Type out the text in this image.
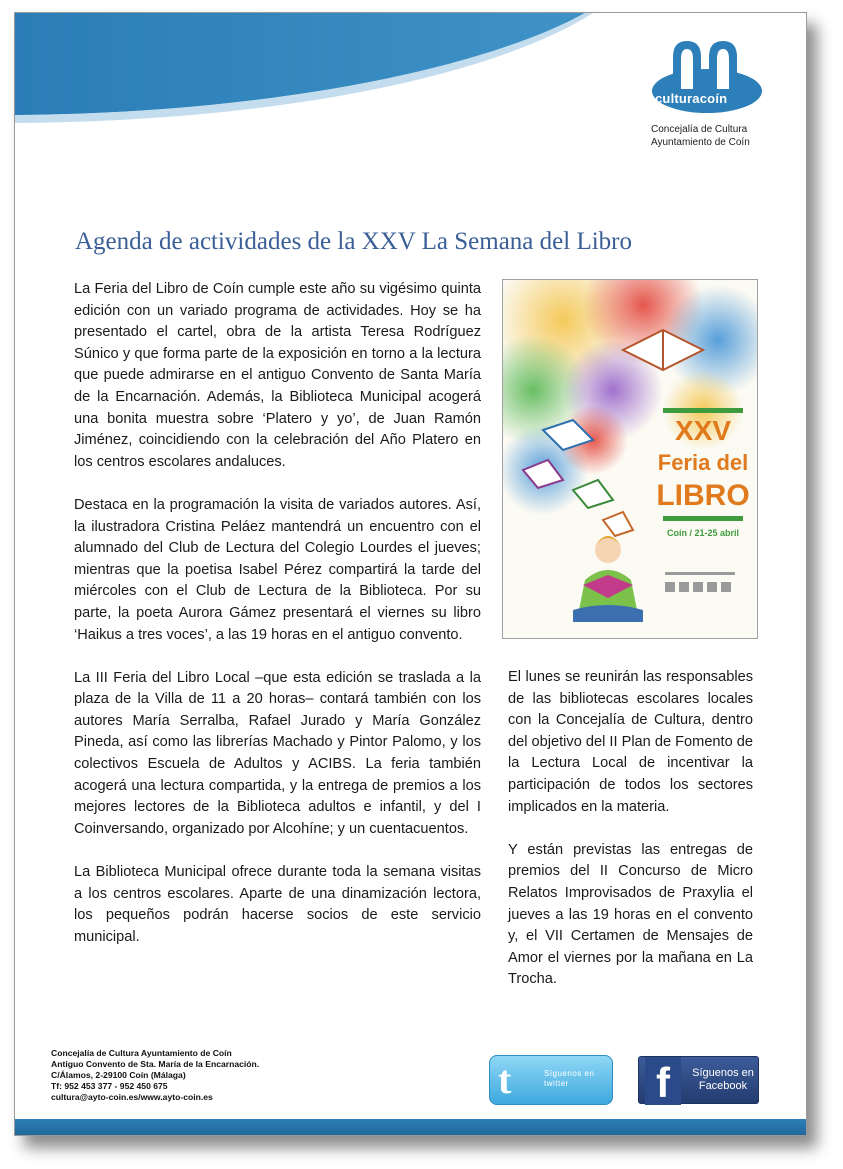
culturacoín
Concejalía de Cultura
Ayuntamiento de Coín
Agenda de actividades de la XXV La Semana del Libro

La Feria del Libro de Coín cumple este año su vigésimo quinta edición con un variado programa de actividades. Hoy se ha presentado el cartel, obra de la artista Teresa Rodríguez Súnico y que forma parte de la exposición en torno a la lectura que puede admirarse en el antiguo Convento de Santa María de la Encarnación. Además, la Biblioteca Municipal acogerá una bonita muestra sobre ‘Platero y yo’, de Juan Ramón Jiménez, coincidiendo con la celebración del Año Platero en los centros escolares andaluces.

Destaca en la programación la visita de variados autores. Así, la ilustradora Cristina Peláez mantendrá un encuentro con el alumnado del Club de Lectura del Colegio Lourdes el jueves; mientras que la poetisa Isabel Pérez compartirá la tarde del miércoles con el Club de Lectura de la Biblioteca. Por su parte, la poeta Aurora Gámez presentará el viernes su libro ‘Haikus a tres voces’, a las 19 horas en el antiguo convento.

La III Feria del Libro Local –que esta edición se traslada a la plaza de la Villa de 11 a 20 horas– contará también con los autores María Serralba, Rafael Jurado y María González Pineda, así como las librerías Machado y Pintor Palomo, y los colectivos Escuela de Adultos y ACIBS. La feria también acogerá una lectura compartida, y la entrega de premios a los mejores lectores de la Biblioteca adultos e infantil, y del I Coinversando, organizado por Alcohíne; y un cuentacuentos.

La Biblioteca Municipal ofrece durante toda la semana visitas a los centros escolares. Aparte de una dinamización lectora, los pequeños podrán hacerse socios de este servicio municipal.

XXV
Feria del
LIBRO
Coín / 21-25 abril

El lunes se reunirán las responsables de las bibliotecas escolares locales con la Concejalía de Cultura, dentro del objetivo del II Plan de Fomento de la Lectura Local de incentivar la participación de todos los sectores implicados en la materia.

Y están previstas las entregas de premios del II Concurso de Micro Relatos Improvisados de Praxylia el jueves a las 19 horas en el convento y, el VII Certamen de Mensajes de Amor el viernes por la mañana en La Trocha.

Concejalía de Cultura Ayuntamiento de Coín
Antiguo Convento de Sta. María de la Encarnación.
C/Álamos, 2-29100 Coín (Málaga)
Tf: 952 453 377 - 952 450 675
cultura@ayto-coin.es/www.ayto-coin.es	t	Síguenos en twitter	f	Síguenos en Facebook
